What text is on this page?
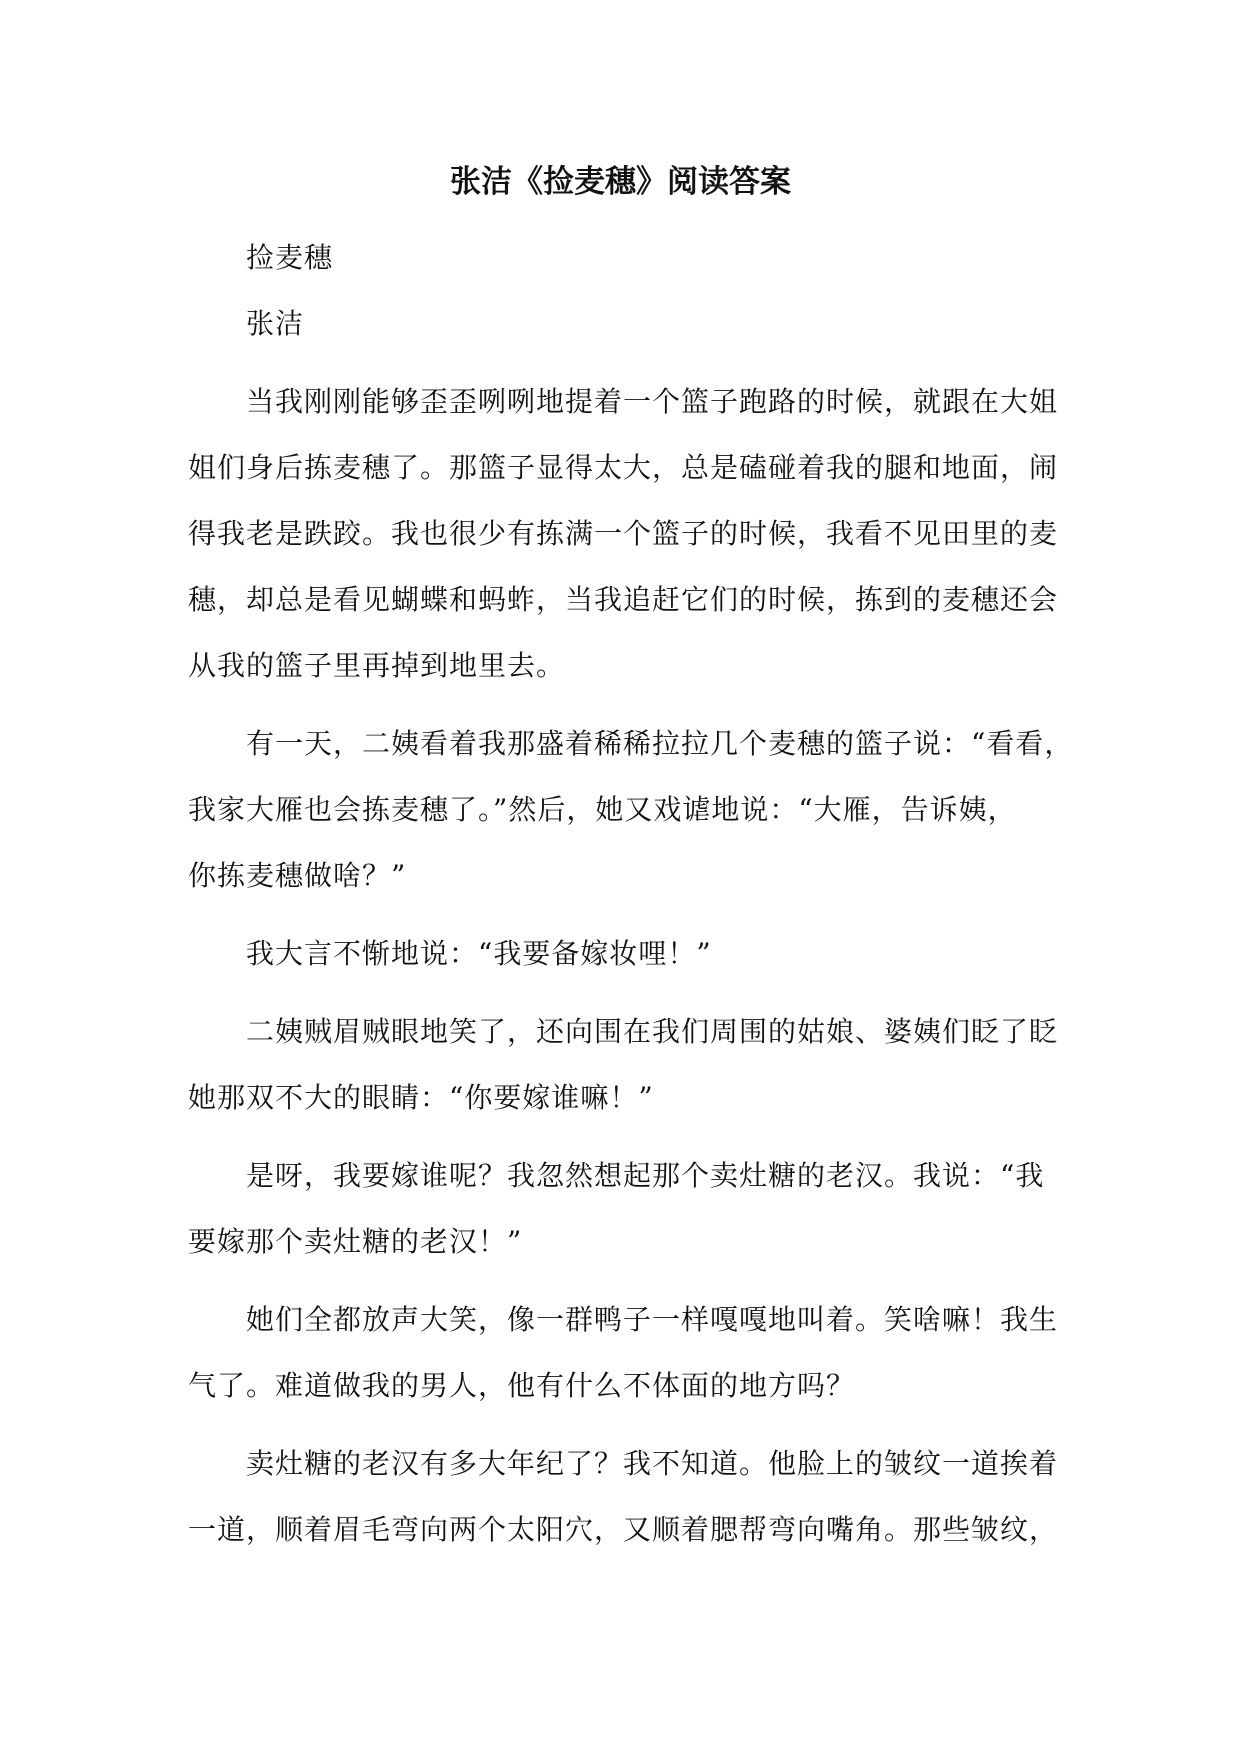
张洁《捡麦穗》阅读答案

捡麦穗

张洁

当我刚刚能够歪歪咧咧地提着一个篮子跑路的时候，就跟在大姐

姐们身后拣麦穗了。那篮子显得太大，总是磕碰着我的腿和地面，闹

得我老是跌跤。我也很少有拣满一个篮子的时候，我看不见田里的麦

穗，却总是看见蝴蝶和蚂蚱，当我追赶它们的时候，拣到的麦穗还会

从我的篮子里再掉到地里去。

有一天，二姨看着我那盛着稀稀拉拉几个麦穗的篮子说：“看看，

我家大雁也会拣麦穗了。”然后，她又戏谑地说：“大雁，告诉姨，

你拣麦穗做啥？”

我大言不惭地说：“我要备嫁妆哩！”

二姨贼眉贼眼地笑了，还向围在我们周围的姑娘、婆姨们眨了眨

她那双不大的眼睛：“你要嫁谁嘛！”

是呀，我要嫁谁呢？我忽然想起那个卖灶糖的老汉。我说：“我

要嫁那个卖灶糖的老汉！”

她们全都放声大笑，像一群鸭子一样嘎嘎地叫着。笑啥嘛！我生

气了。难道做我的男人，他有什么不体面的地方吗？

卖灶糖的老汉有多大年纪了？我不知道。他脸上的皱纹一道挨着

一道，顺着眉毛弯向两个太阳穴，又顺着腮帮弯向嘴角。那些皱纹，
